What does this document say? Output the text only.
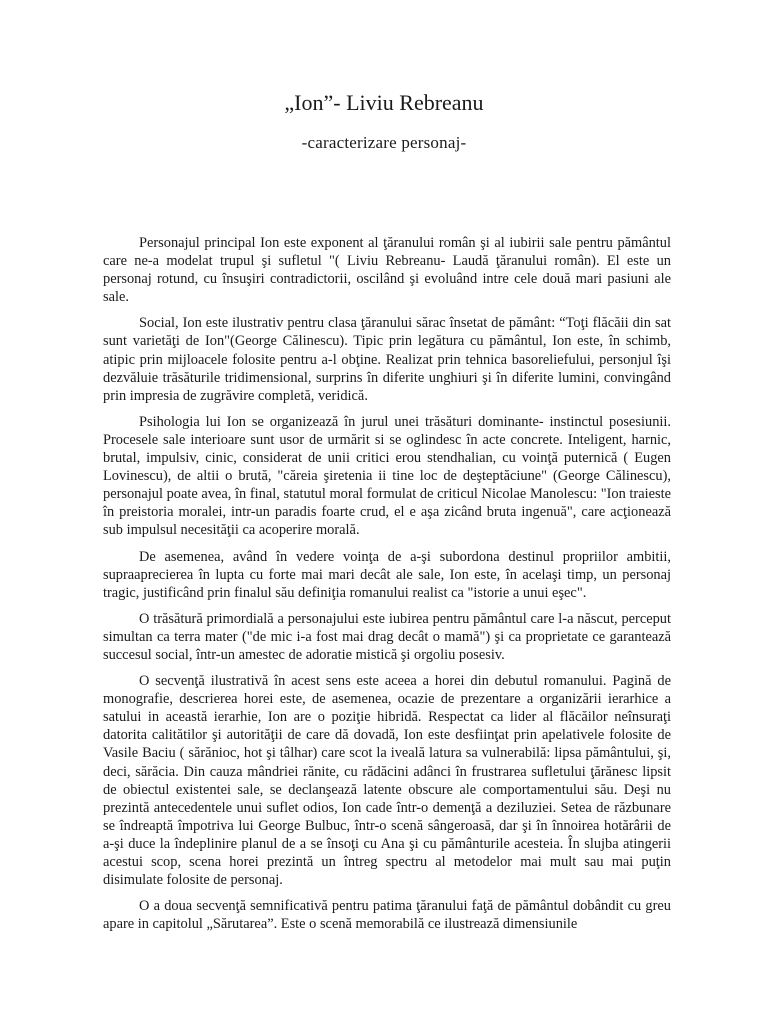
„Ion”- Liviu Rebreanu
-caracterizare personaj-

Personajul principal Ion este exponent al ţăranului român şi al iubirii sale pentru pământul care ne-a modelat trupul şi sufletul "( Liviu Rebreanu- Laudă ţăranului român). El este un personaj rotund, cu însuşiri contradictorii, oscilând şi evoluând intre cele două mari pasiuni ale sale.

Social, Ion este ilustrativ pentru clasa ţăranului sărac însetat de pământ: “Toţi flăcăii din sat sunt varietăţi de Ion"(George Călinescu). Tipic prin legătura cu pământul, Ion este, în schimb, atipic prin mijloacele folosite pentru a-l obţine. Realizat prin tehnica basoreliefului, personjul îşi dezvăluie trăsăturile tridimensional, surprins în diferite unghiuri şi în diferite lumini, convingând prin impresia de zugrăvire completă, veridică.

Psihologia lui Ion se organizează în jurul unei trăsături dominante- instinctul posesiunii. Procesele sale interioare sunt usor de urmărit si se oglindesc în acte concrete. Inteligent, harnic, brutal, impulsiv, cinic, considerat de unii critici erou stendhalian, cu voinţă puternică ( Eugen Lovinescu), de altii o brută, "căreia şiretenia ii tine loc de deşteptăciune" (George Călinescu), personajul poate avea, în final, statutul moral formulat de criticul Nicolae Manolescu: "Ion traieste în preistoria moralei, intr-un paradis foarte crud, el e aşa zicând bruta ingenuă", care acţionează sub impulsul necesităţii ca acoperire morală.

De asemenea, având în vedere voinţa de a-şi subordona destinul propriilor ambitii, supraaprecierea în lupta cu forte mai mari decât ale sale, Ion este, în acelaşi timp, un personaj tragic, justificând prin finalul său definiţia romanului realist ca "istorie a unui eşec".

O trăsătură primordială a personajului este iubirea pentru pământul care l-a născut, perceput simultan ca terra mater ("de mic i-a fost mai drag decât o mamă") şi ca proprietate ce garantează succesul social, într-un amestec de adoratie mistică şi orgoliu posesiv.

O secvenţă ilustrativă în acest sens este aceea a horei din debutul romanului. Pagină de monografie, descrierea horei este, de asemenea, ocazie de prezentare a organizării ierarhice a satului in această ierarhie, Ion are o poziţie hibridă. Respectat ca lider al flăcăilor neînsuraţi datorita calitătilor şi autorităţii de care dă dovadă, Ion este desfiinţat prin apelativele folosite de Vasile Baciu ( sărănioc, hot şi tâlhar) care scot la iveală latura sa vulnerabilă: lipsa pământului, şi, deci, sărăcia. Din cauza mândriei rănite, cu rădăcini adânci în frustrarea sufletului ţărănesc lipsit de obiectul existentei sale, se declanşează latente obscure ale comportamentului său. Deşi nu prezintă antecedentele unui suflet odios, Ion cade într-o demenţă a deziluziei. Setea de răzbunare se îndreaptă împotriva lui George Bulbuc, într-o scenă sângeroasă, dar şi în înnoirea hotărârii de a-şi duce la îndeplinire planul de a se însoţi cu Ana şi cu pământurile acesteia. În slujba atingerii acestui scop, scena horei prezintă un întreg spectru al metodelor mai mult sau mai puţin disimulate folosite de personaj.

O a doua secvenţă semnificativă pentru patima ţăranului faţă de pământul dobândit cu greu apare in capitolul „Sărutarea”. Este o scenă memorabilă ce ilustrează dimensiunile
